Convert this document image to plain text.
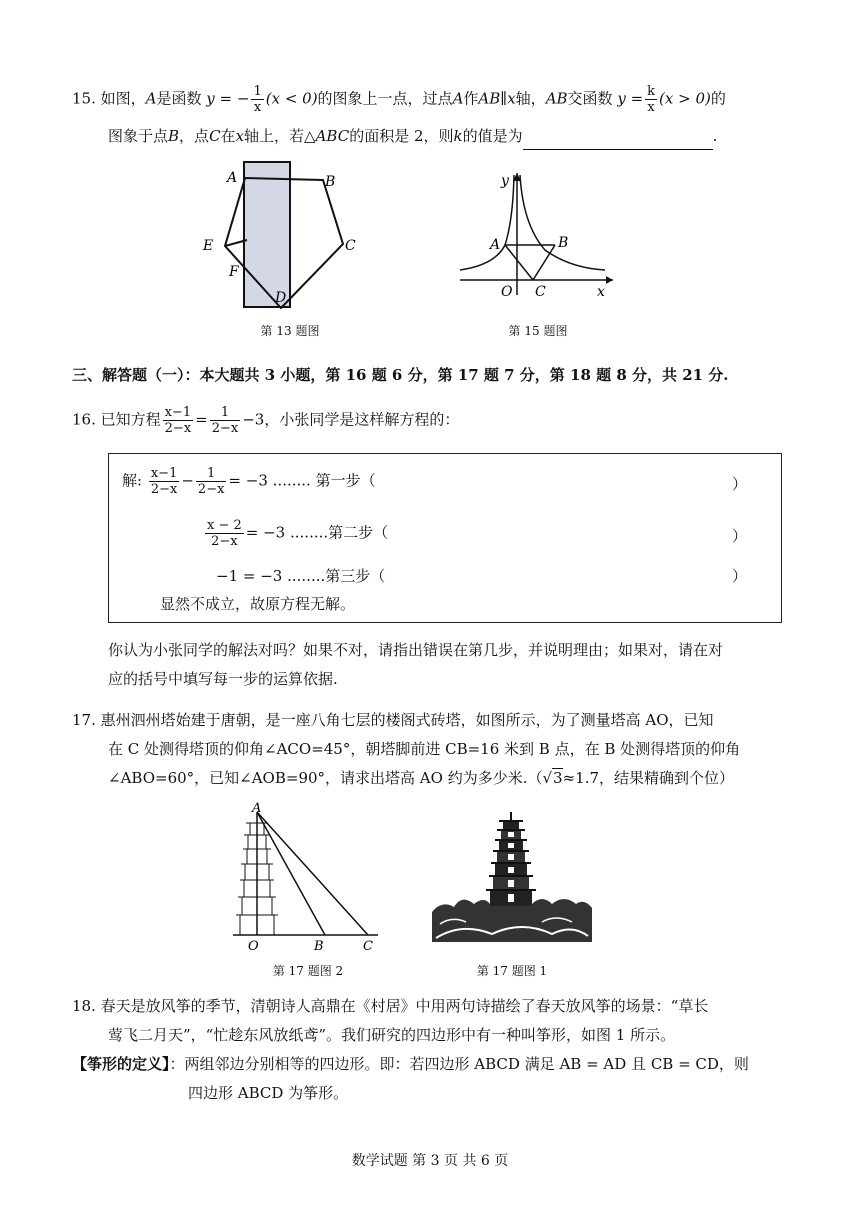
15. 如图，A是函数 y = − $\frac{1}{x} (x < 0)$的图象上一点，过点A作AB∥x轴，AB交函数 $y = \frac{k}{x} (x > 0)$的
图象于点B，点C在x轴上，若△ABC的面积是 2，则k的值是为	.
A	B
C
D
E
F
第 13 题图
y
x
O
A	B
C
第 15 题图
三、解答题（一）：本大题共 3 小题，第 16 题 6 分，第 17 题 7 分，第 18 题 8 分，共 21 分.
16. 已知方程 $\frac{x-1}{2-x} = \frac{1}{2-x} -3$，小张同学是这样解方程的：
解: $\frac{x-1}{2-x} - \frac{1}{2-x} = -3$ ........ 第一步（	）
$\frac{x - 2}{2-x} = -3$ ........第二步（	）
−1 = −3 ........第三步（	）
显然不成立，故原方程无解。
你认为小张同学的解法对吗？如果不对，请指出错误在第几步，并说明理由；如果对，请在对
应的括号中填写每一步的运算依据.
17. 惠州泗州塔始建于唐朝，是一座八角七层的楼阁式砖塔，如图所示，为了测量塔高 AO，已知
在 C 处测得塔顶的仰角∠ACO=45°，朝塔脚前进 CB=16 米到 B 点，在 B 处测得塔顶的仰角
∠ABO=60°，已知∠AOB=90°，请求出塔高 AO 约为多少米.（√3≈1.7，结果精确到个位）
A
O	B	C
第 17 题图 2	第 17 题图 1
18. 春天是放风筝的季节，清朝诗人高鼎在《村居》中用两句诗描绘了春天放风筝的场景：“草长
莺飞二月天”，“忙趁东风放纸鸢”。我们研究的四边形中有一种叫筝形，如图 1 所示。
【筝形的定义】：两组邻边分别相等的四边形。即：若四边形 ABCD 满足 AB = AD 且 CB = CD，则
四边形 ABCD 为筝形。
数学试题 第 3 页 共 6 页
